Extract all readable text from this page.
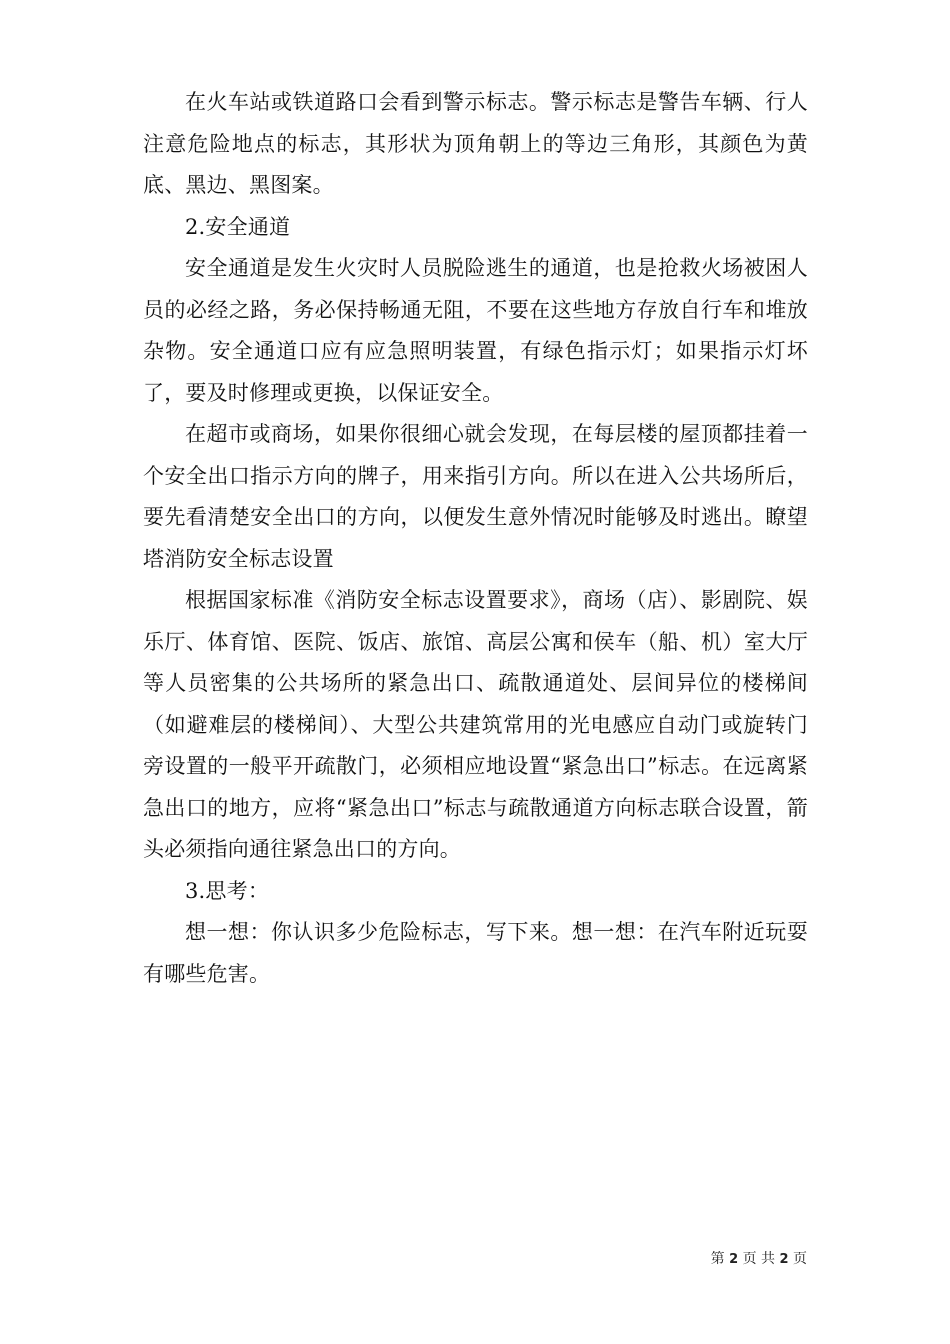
在火车站或铁道路口会看到警示标志。警示标志是警告车辆、行人注意危险地点的标志，其形状为顶角朝上的等边三角形，其颜色为黄底、黑边、黑图案。

2.安全通道

安全通道是发生火灾时人员脱险逃生的通道，也是抢救火场被困人员的必经之路，务必保持畅通无阻，不要在这些地方存放自行车和堆放杂物。安全通道口应有应急照明装置，有绿色指示灯；如果指示灯坏了，要及时修理或更换，以保证安全。

在超市或商场，如果你很细心就会发现，在每层楼的屋顶都挂着一个安全出口指示方向的牌子，用来指引方向。所以在进入公共场所后，要先看清楚安全出口的方向，以便发生意外情况时能够及时逃出。瞭望塔消防安全标志设置

根据国家标准《消防安全标志设置要求》，商场（店）、影剧院、娱乐厅、体育馆、医院、饭店、旅馆、高层公寓和侯车（船、机）室大厅等人员密集的公共场所的紧急出口、疏散通道处、层间异位的楼梯间（如避难层的楼梯间）、大型公共建筑常用的光电感应自动门或旋转门旁设置的一般平开疏散门，必须相应地设置“紧急出口”标志。在远离紧急出口的地方，应将“紧急出口”标志与疏散通道方向标志联合设置，箭头必须指向通往紧急出口的方向。

3.思考：

想一想：你认识多少危险标志，写下来。想一想：在汽车附近玩耍有哪些危害。

第 2 页 共 2 页
